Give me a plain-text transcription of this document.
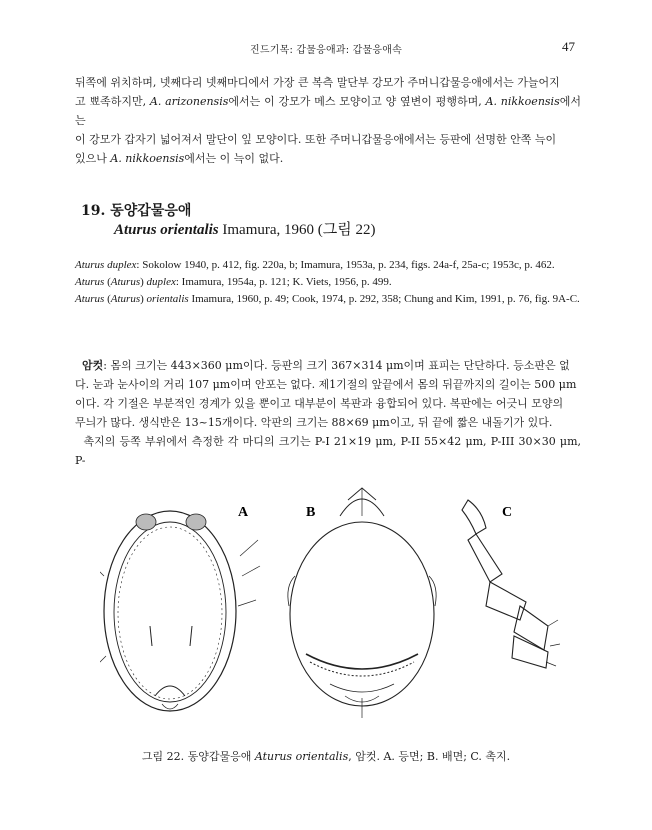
진드기목: 갑물응애과: 갑물응애속	47

뒤쪽에 위치하며, 넷째다리 넷째마디에서 가장 큰 복측 말단부 강모가 주머니갑물응애에서는 가늘어지

고 뾰족하지만, A. arizonensis에서는 이 강모가 메스 모양이고 양 옆변이 평행하며, A. nikkoensis에서는

이 강모가 갑자기 넓어져서 말단이 잎 모양이다. 또한 주머니갑물응애에서는 등판에 선명한 안쪽 늑이

있으나 A. nikkoensis에서는 이 늑이 없다.

19. 동양갑물응애
Aturus orientalis Imamura, 1960 (그림 22)
Aturus duplex: Sokolow 1940, p. 412, fig. 220a, b; Imamura, 1953a, p. 234, figs. 24a-f, 25a-c; 1953c, p. 462.
Aturus (Aturus) duplex: Imamura, 1954a, p. 121; K. Viets, 1956, p. 499.
Aturus (Aturus) orientalis Imamura, 1960, p. 49; Cook, 1974, p. 292, 358; Chung and Kim, 1991, p. 76, fig. 9A-C.

암컷: 몸의 크기는 443×360 μm이다. 등판의 크기 367×314 μm이며 표피는 단단하다. 등소판은 없

다. 눈과 눈사이의 거리 107 μm이며 안포는 없다. 제1기절의 앞끝에서 몸의 뒤끝까지의 길이는 500 μm

이다. 각 기절은 부분적인 경계가 있을 뿐이고 대부분이 복판과 융합되어 있다. 복판에는 어긋니 모양의

무늬가 많다. 생식반은 13~15개이다. 악판의 크기는 88×69 μm이고, 뒤 끝에 짧은 내돌기가 있다.

촉지의 등쪽 부위에서 측정한 각 마디의 크기는 P-I 21×19 μm, P-II 55×42 μm, P-III 30×30 μm, P-

A	B	C
그림 22. 동양갑물응애 Aturus orientalis, 암컷. A. 등면; B. 배면; C. 촉지.
